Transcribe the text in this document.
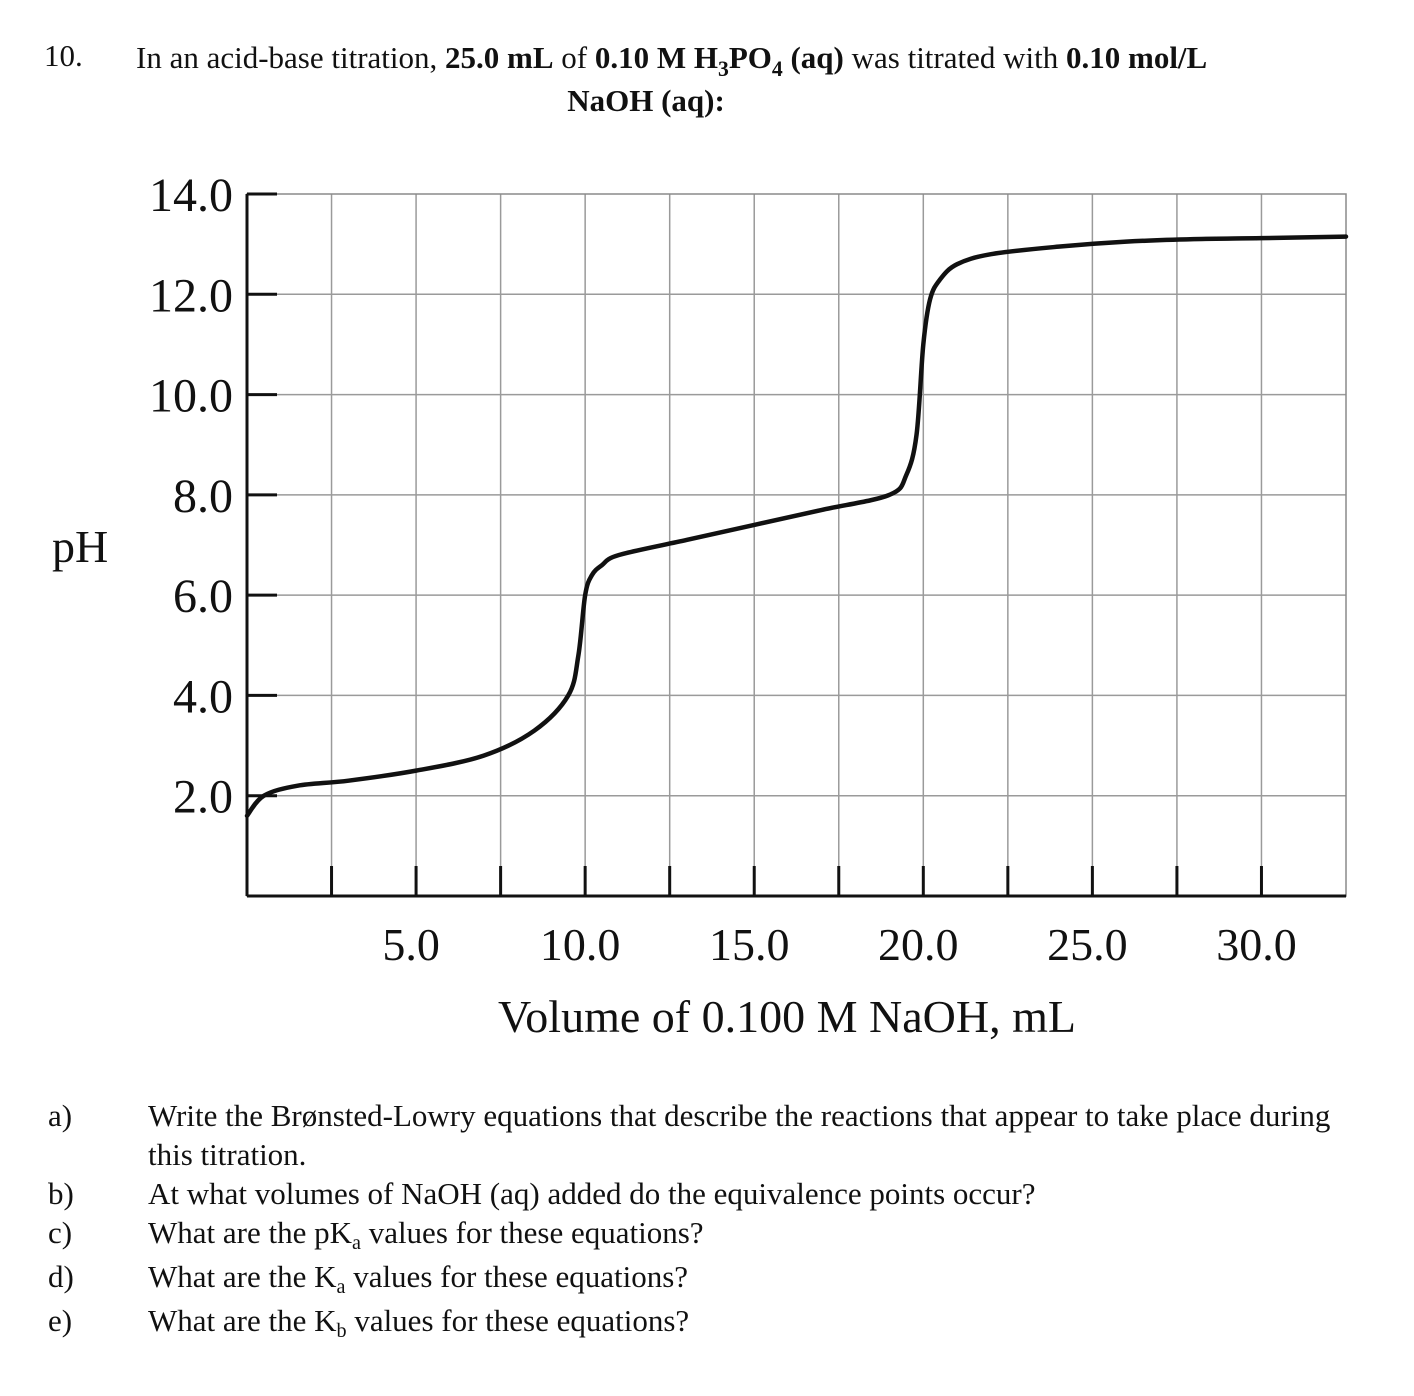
10. In an acid-base titration, 25.0 mL of 0.10 M $H_3PO_4$ (aq) was titrated with 0.10 mol/L
NaOH (aq):
14.0
12.0
10.0
8.0
6.0
4.0
2.0
5.0 10.0 15.0 20.0 25.0 30.0
pH
Volume of 0.100 M NaOH, mL
a) Write the Brønsted-Lowry equations that describe the reactions that appear to take place during this titration.
b) At what volumes of NaOH (aq) added do the equivalence points occur?
c) What are the pKa values for these equations?
d) What are the Ka values for these equations?
e) What are the Kb values for these equations?
